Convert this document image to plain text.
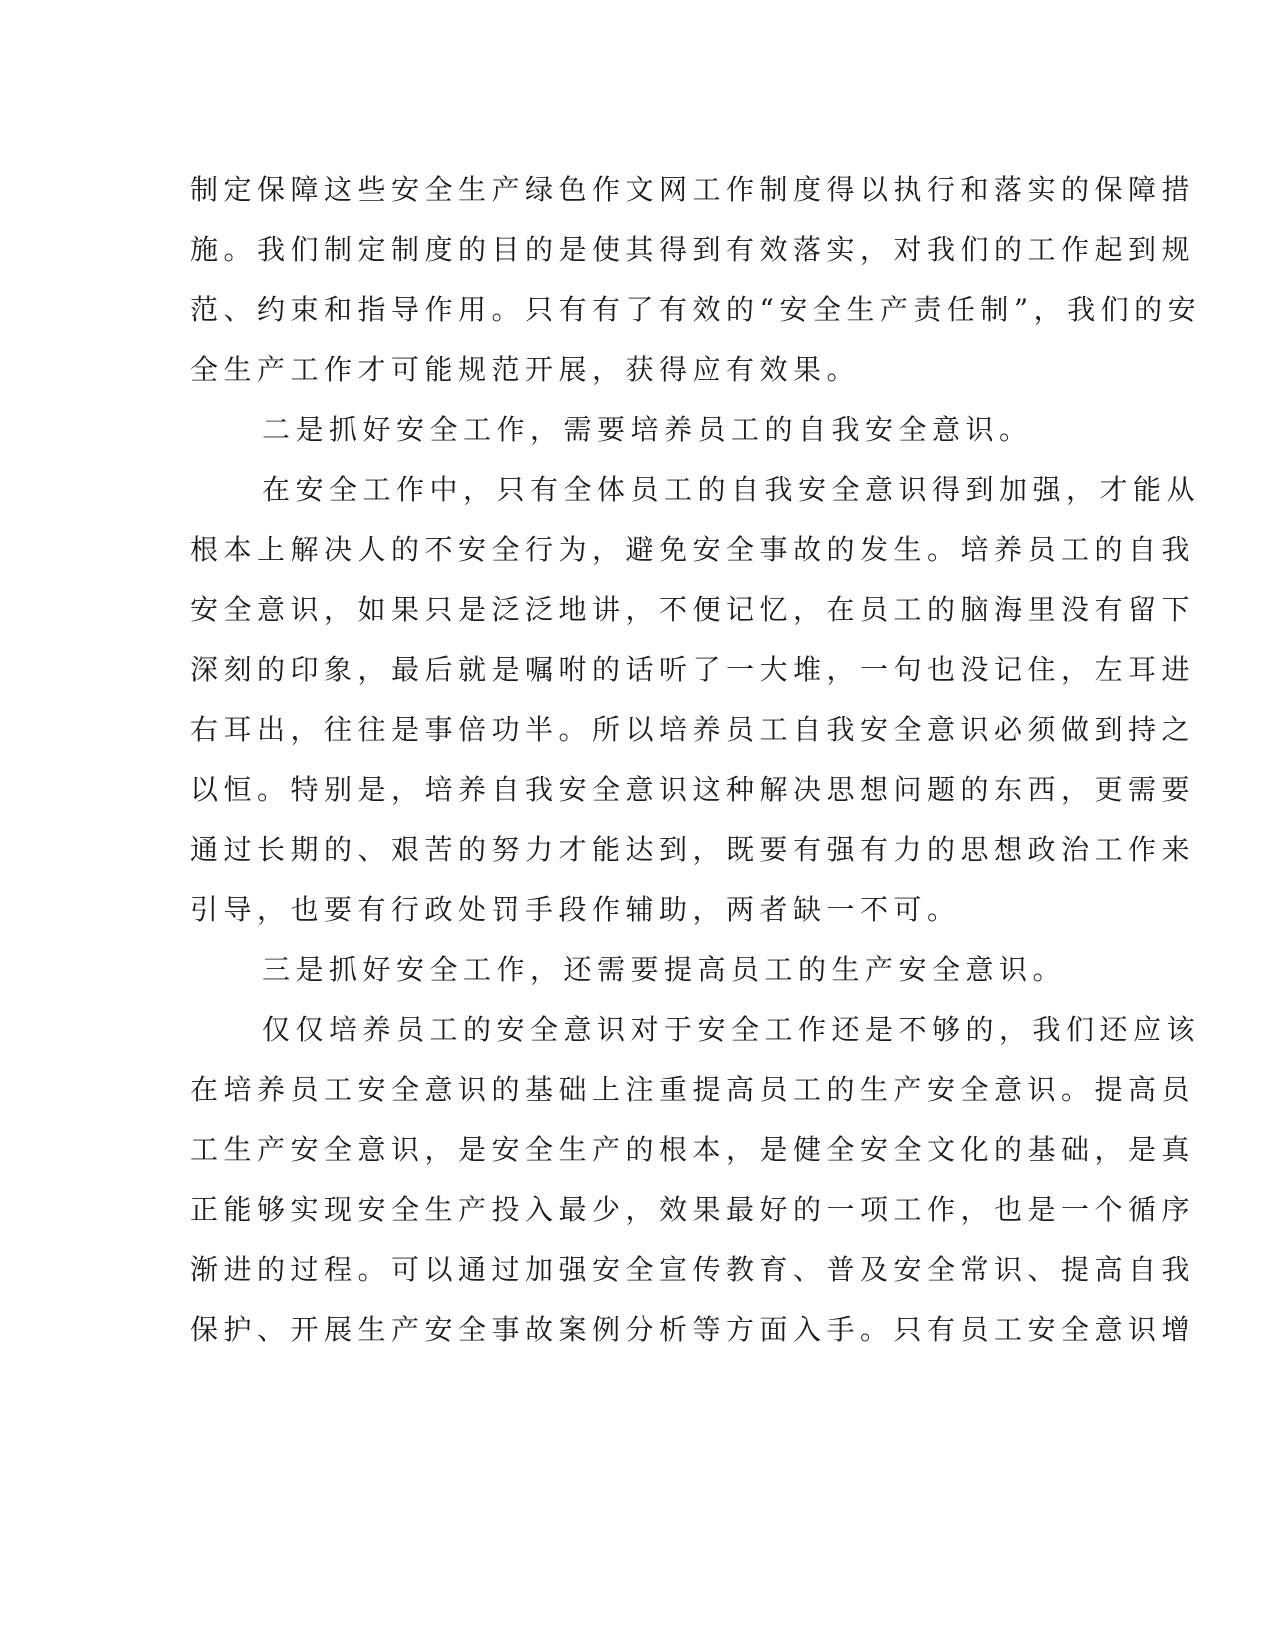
制定保障这些安全生产绿色作文网工作制度得以执行和落实的保障措
施。我们制定制度的目的是使其得到有效落实，对我们的工作起到规
范、约束和指导作用。只有有了有效的“安全生产责任制”，我们的安
全生产工作才可能规范开展，获得应有效果。
二是抓好安全工作，需要培养员工的自我安全意识。
在安全工作中，只有全体员工的自我安全意识得到加强，才能从
根本上解决人的不安全行为，避免安全事故的发生。培养员工的自我
安全意识，如果只是泛泛地讲，不便记忆，在员工的脑海里没有留下
深刻的印象，最后就是嘱咐的话听了一大堆，一句也没记住，左耳进
右耳出，往往是事倍功半。所以培养员工自我安全意识必须做到持之
以恒。特别是，培养自我安全意识这种解决思想问题的东西，更需要
通过长期的、艰苦的努力才能达到，既要有强有力的思想政治工作来
引导，也要有行政处罚手段作辅助，两者缺一不可。
三是抓好安全工作，还需要提高员工的生产安全意识。
仅仅培养员工的安全意识对于安全工作还是不够的，我们还应该
在培养员工安全意识的基础上注重提高员工的生产安全意识。提高员
工生产安全意识，是安全生产的根本，是健全安全文化的基础，是真
正能够实现安全生产投入最少，效果最好的一项工作，也是一个循序
渐进的过程。可以通过加强安全宣传教育、普及安全常识、提高自我
保护、开展生产安全事故案例分析等方面入手。只有员工安全意识增
